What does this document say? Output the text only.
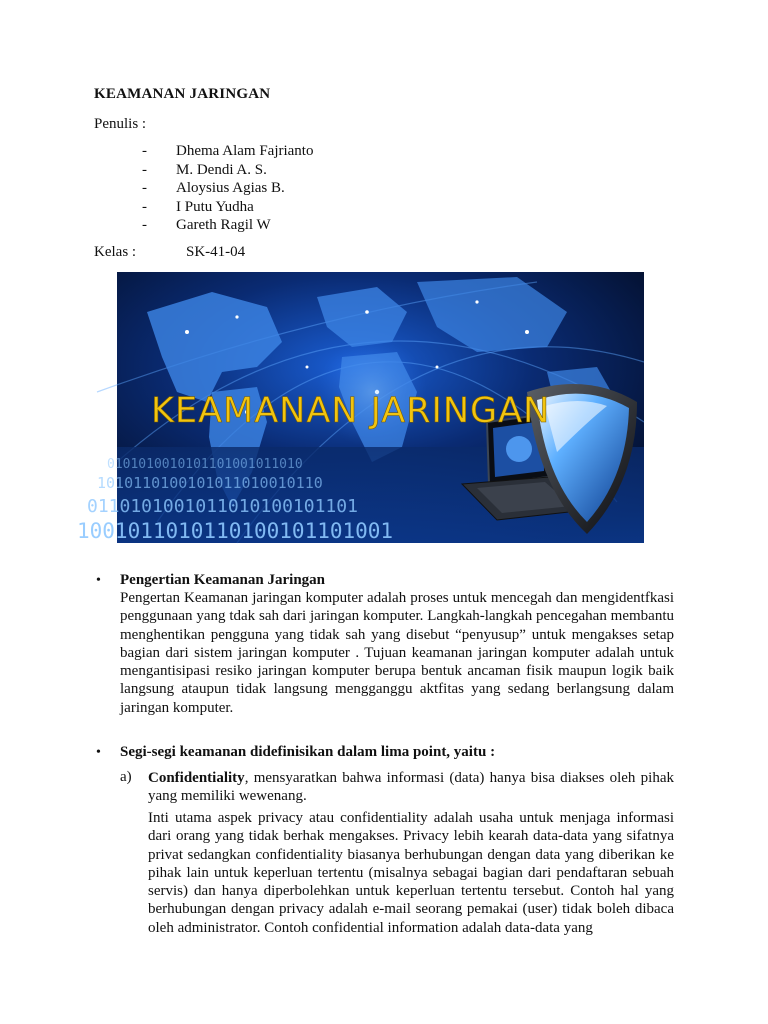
KEAMANAN JARINGAN
Penulis :
-	Dhema Alam Fajrianto
-	M. Dendi A. S.
-	Aloysius Agias B.
-	I Putu Yudha
-	Gareth Ragil W
Kelas :	SK-41-04
0101010010101101001011010
1010110100101011010010110
0110101001011010100101101
1001011010110100101101001
KEAMANAN JARINGAN
• Pengertian Keamanan Jaringan
Pengertan Keamanan jaringan komputer adalah proses untuk mencegah dan mengidentfkasi penggunaan yang tdak sah dari jaringan komputer. Langkah-langkah pencegahan membantu menghentikan pengguna yang tidak sah yang disebut “penyusup” untuk mengakses setap bagian dari sistem jaringan komputer . Tujuan keamanan jaringan komputer adalah untuk mengantisipasi resiko jaringan komputer berupa bentuk ancaman fisik maupun logik baik langsung ataupun tidak langsung mengganggu aktfitas yang sedang berlangsung dalam jaringan komputer.
• Segi-segi keamanan didefinisikan dalam lima point, yaitu :
a) Confidentiality, mensyaratkan bahwa informasi (data) hanya bisa diakses oleh pihak yang memiliki wewenang.
Inti utama aspek privacy atau confidentiality adalah usaha untuk menjaga informasi dari orang yang tidak berhak mengakses. Privacy lebih kearah data-data yang sifatnya privat sedangkan confidentiality biasanya berhubungan dengan data yang diberikan ke pihak lain untuk keperluan tertentu (misalnya sebagai bagian dari pendaftaran sebuah servis) dan hanya diperbolehkan untuk keperluan tertentu tersebut. Contoh hal yang berhubungan dengan privacy adalah e-mail seorang pemakai (user) tidak boleh dibaca oleh administrator. Contoh confidential information adalah data-data yang
